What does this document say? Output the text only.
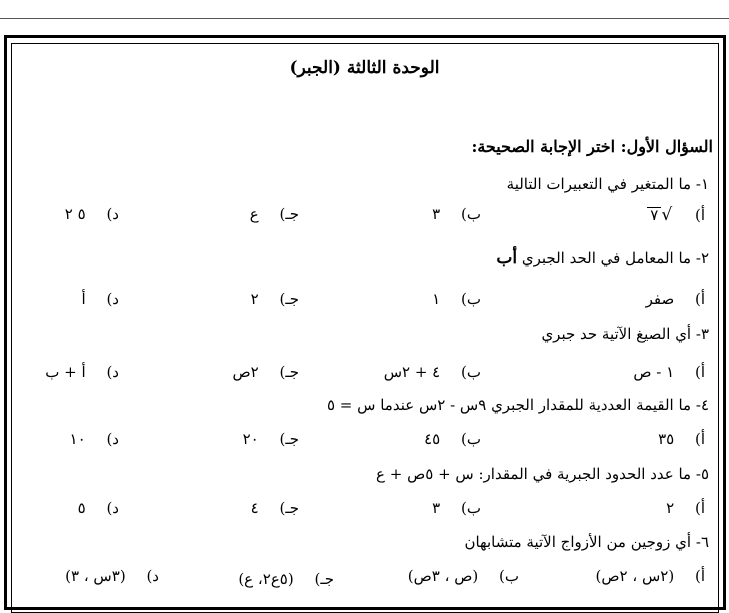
الوحدة الثالثة (الجبر)
السؤال الأول: اختر الإجابة الصحيحة:
١- ما المتغير في التعبيرات التالية
أ) √٧
ب) ٣
جـ) ع
د) ٥ ٢
٢- ما المعامل في الحد الجبري أب
أ) صفر
ب) ١
جـ) ٢
د) أ
٣- أي الصيغ الآتية حد جبري
أ) ١ - ص
ب) ٤ + ٢س
جـ) ٢ص
د) أ + ب
٤- ما القيمة العددية للمقدار الجبري ٩س - ٢س عندما س = ٥
أ) ٣٥
ب) ٤٥
جـ) ٢٠
د) ١٠
٥- ما عدد الحدود الجبرية في المقدار: س + ٥ص + ع
أ) ٢
ب) ٣
جـ) ٤
د) ٥
٦- أي زوجين من الأزواج الآتية متشابهان
أ) (٢س ، ٢ص)
ب) (ص ، ٣ص)
جـ) (٥ع٢، ع)
د) (٣س ، ٣)
